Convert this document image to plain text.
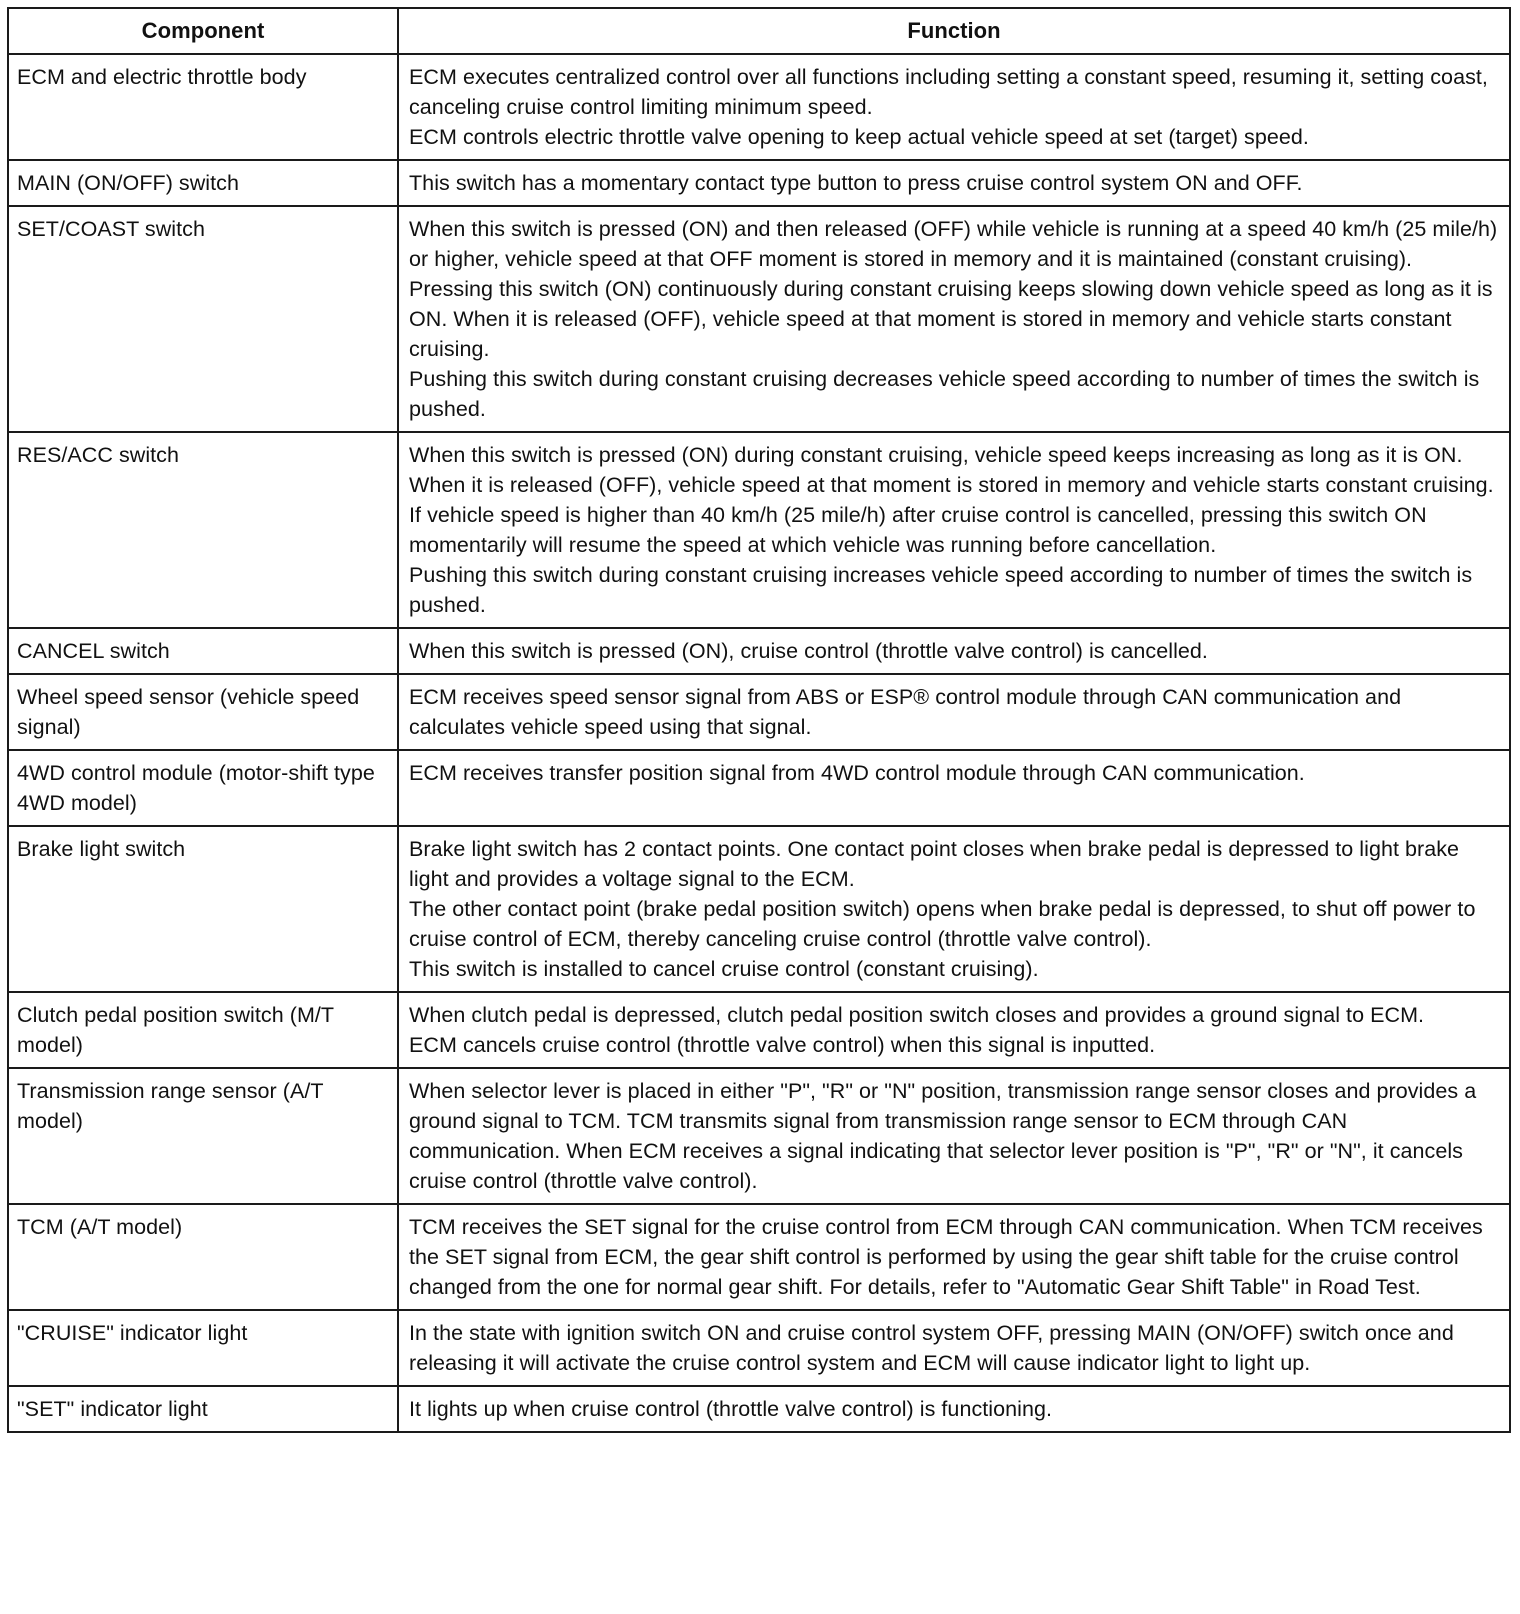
Component	Function
ECM and electric throttle body	ECM executes centralized control over all functions including setting a constant speed, resuming it, setting coast, canceling cruise control limiting minimum speed.
ECM controls electric throttle valve opening to keep actual vehicle speed at set (target) speed.

MAIN (ON/OFF) switch	This switch has a momentary contact type button to press cruise control system ON and OFF.

SET/COAST switch	When this switch is pressed (ON) and then released (OFF) while vehicle is running at a speed 40 km/h (25 mile/h) or higher, vehicle speed at that OFF moment is stored in memory and it is maintained (constant cruising).
Pressing this switch (ON) continuously during constant cruising keeps slowing down vehicle speed as long as it is ON. When it is released (OFF), vehicle speed at that moment is stored in memory and vehicle starts constant cruising.
Pushing this switch during constant cruising decreases vehicle speed according to number of times the switch is pushed.

RES/ACC switch	When this switch is pressed (ON) during constant cruising, vehicle speed keeps increasing as long as it is ON. When it is released (OFF), vehicle speed at that moment is stored in memory and vehicle starts constant cruising. If vehicle speed is higher than 40 km/h (25 mile/h) after cruise control is cancelled, pressing this switch ON momentarily will resume the speed at which vehicle was running before cancellation.
Pushing this switch during constant cruising increases vehicle speed according to number of times the switch is pushed.

CANCEL switch	When this switch is pressed (ON), cruise control (throttle valve control) is cancelled.

Wheel speed sensor (vehicle speed signal)	ECM receives speed sensor signal from ABS or ESP® control module through CAN communication and calculates vehicle speed using that signal.

4WD control module (motor-shift type 4WD model)	ECM receives transfer position signal from 4WD control module through CAN communication.

Brake light switch	Brake light switch has 2 contact points. One contact point closes when brake pedal is depressed to light brake light and provides a voltage signal to the ECM.
The other contact point (brake pedal position switch) opens when brake pedal is depressed, to shut off power to cruise control of ECM, thereby canceling cruise control (throttle valve control).
This switch is installed to cancel cruise control (constant cruising).

Clutch pedal position switch (M/T model)	When clutch pedal is depressed, clutch pedal position switch closes and provides a ground signal to ECM.
ECM cancels cruise control (throttle valve control) when this signal is inputted.

Transmission range sensor (A/T model)	When selector lever is placed in either "P", "R" or "N" position, transmission range sensor closes and provides a ground signal to TCM. TCM transmits signal from transmission range sensor to ECM through CAN communication. When ECM receives a signal indicating that selector lever position is "P", "R" or "N", it cancels cruise control (throttle valve control).

TCM (A/T model)	TCM receives the SET signal for the cruise control from ECM through CAN communication. When TCM receives the SET signal from ECM, the gear shift control is performed by using the gear shift table for the cruise control changed from the one for normal gear shift. For details, refer to "Automatic Gear Shift Table" in Road Test.

"CRUISE" indicator light	In the state with ignition switch ON and cruise control system OFF, pressing MAIN (ON/OFF) switch once and releasing it will activate the cruise control system and ECM will cause indicator light to light up.

"SET" indicator light	It lights up when cruise control (throttle valve control) is functioning.
